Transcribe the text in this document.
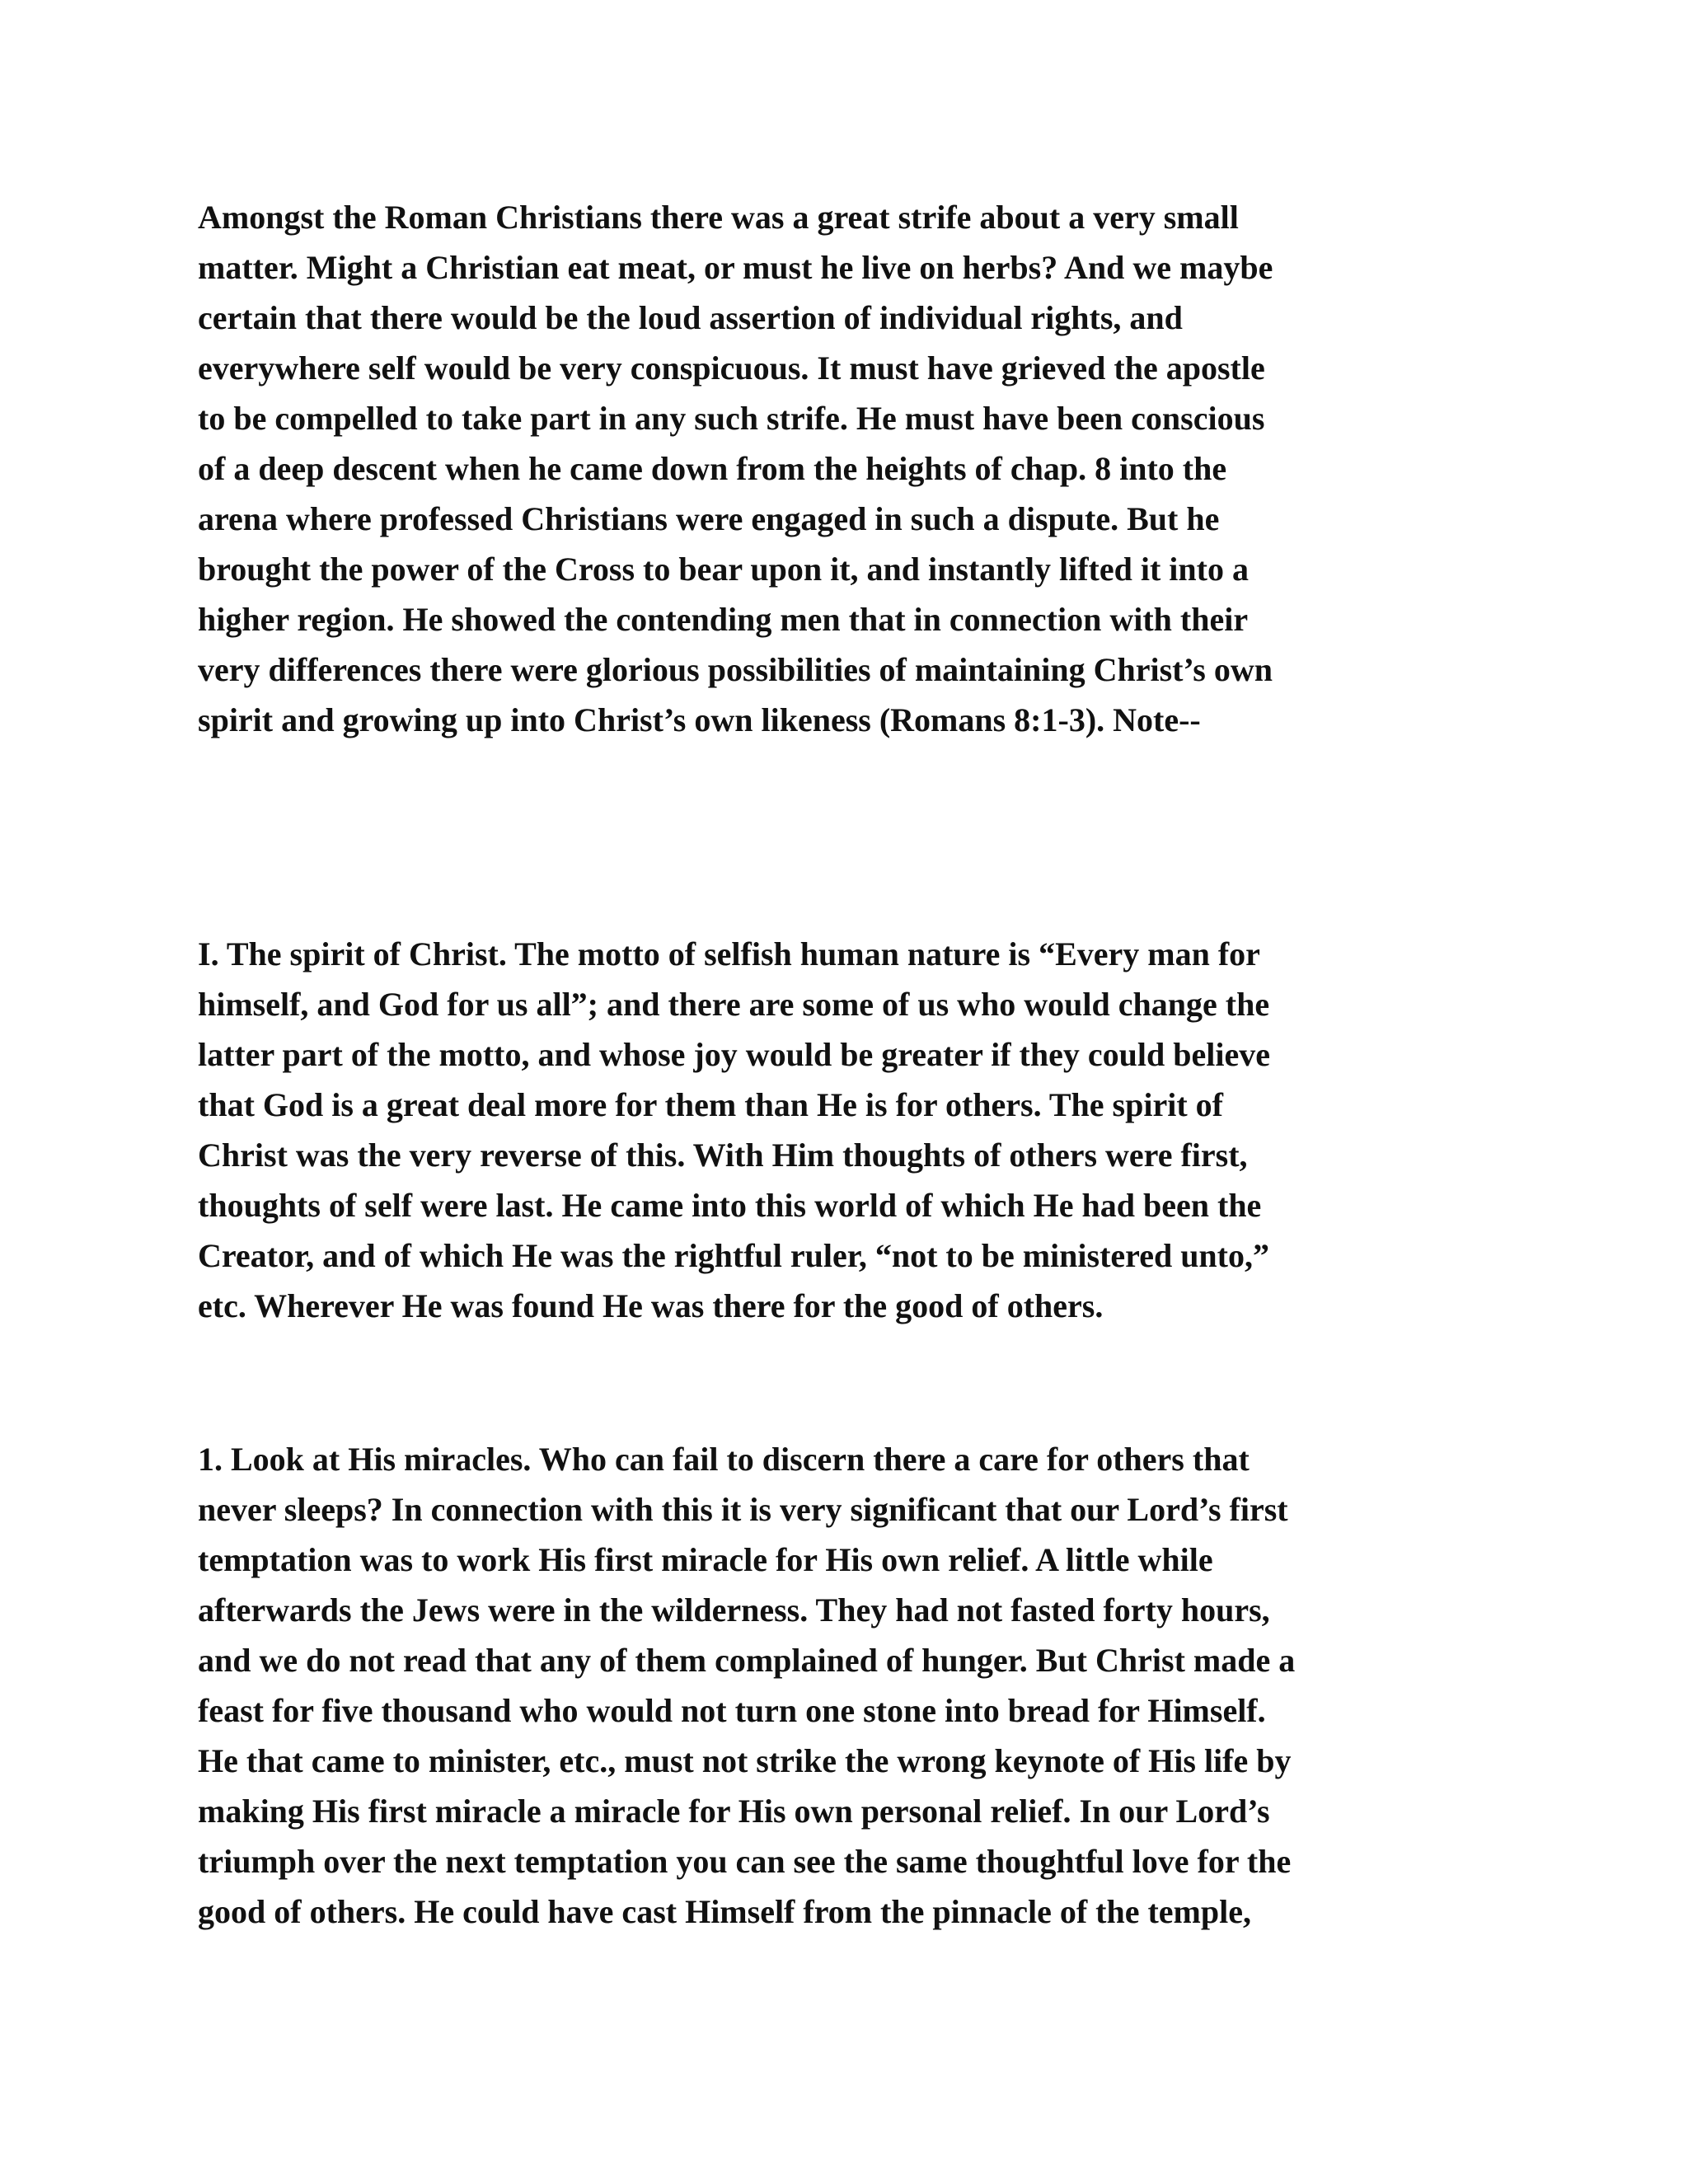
Amongst the Roman Christians there was a great strife about a very small
matter. Might a Christian eat meat, or must he live on herbs? And we maybe
certain that there would be the loud assertion of individual rights, and
everywhere self would be very conspicuous. It must have grieved the apostle
to be compelled to take part in any such strife. He must have been conscious
of a deep descent when he came down from the heights of chap. 8 into the
arena where professed Christians were engaged in such a dispute. But he
brought the power of the Cross to bear upon it, and instantly lifted it into a
higher region. He showed the contending men that in connection with their
very differences there were glorious possibilities of maintaining Christ’s own
spirit and growing up into Christ’s own likeness (Romans 8:1-3). Note--
I. The spirit of Christ. The motto of selfish human nature is “Every man for
himself, and God for us all”; and there are some of us who would change the
latter part of the motto, and whose joy would be greater if they could believe
that God is a great deal more for them than He is for others. The spirit of
Christ was the very reverse of this. With Him thoughts of others were first,
thoughts of self were last. He came into this world of which He had been the
Creator, and of which He was the rightful ruler, “not to be ministered unto,”
etc. Wherever He was found He was there for the good of others.
1. Look at His miracles. Who can fail to discern there a care for others that
never sleeps? In connection with this it is very significant that our Lord’s first
temptation was to work His first miracle for His own relief. A little while
afterwards the Jews were in the wilderness. They had not fasted forty hours,
and we do not read that any of them complained of hunger. But Christ made a
feast for five thousand who would not turn one stone into bread for Himself.
He that came to minister, etc., must not strike the wrong keynote of His life by
making His first miracle a miracle for His own personal relief. In our Lord’s
triumph over the next temptation you can see the same thoughtful love for the
good of others. He could have cast Himself from the pinnacle of the temple,
